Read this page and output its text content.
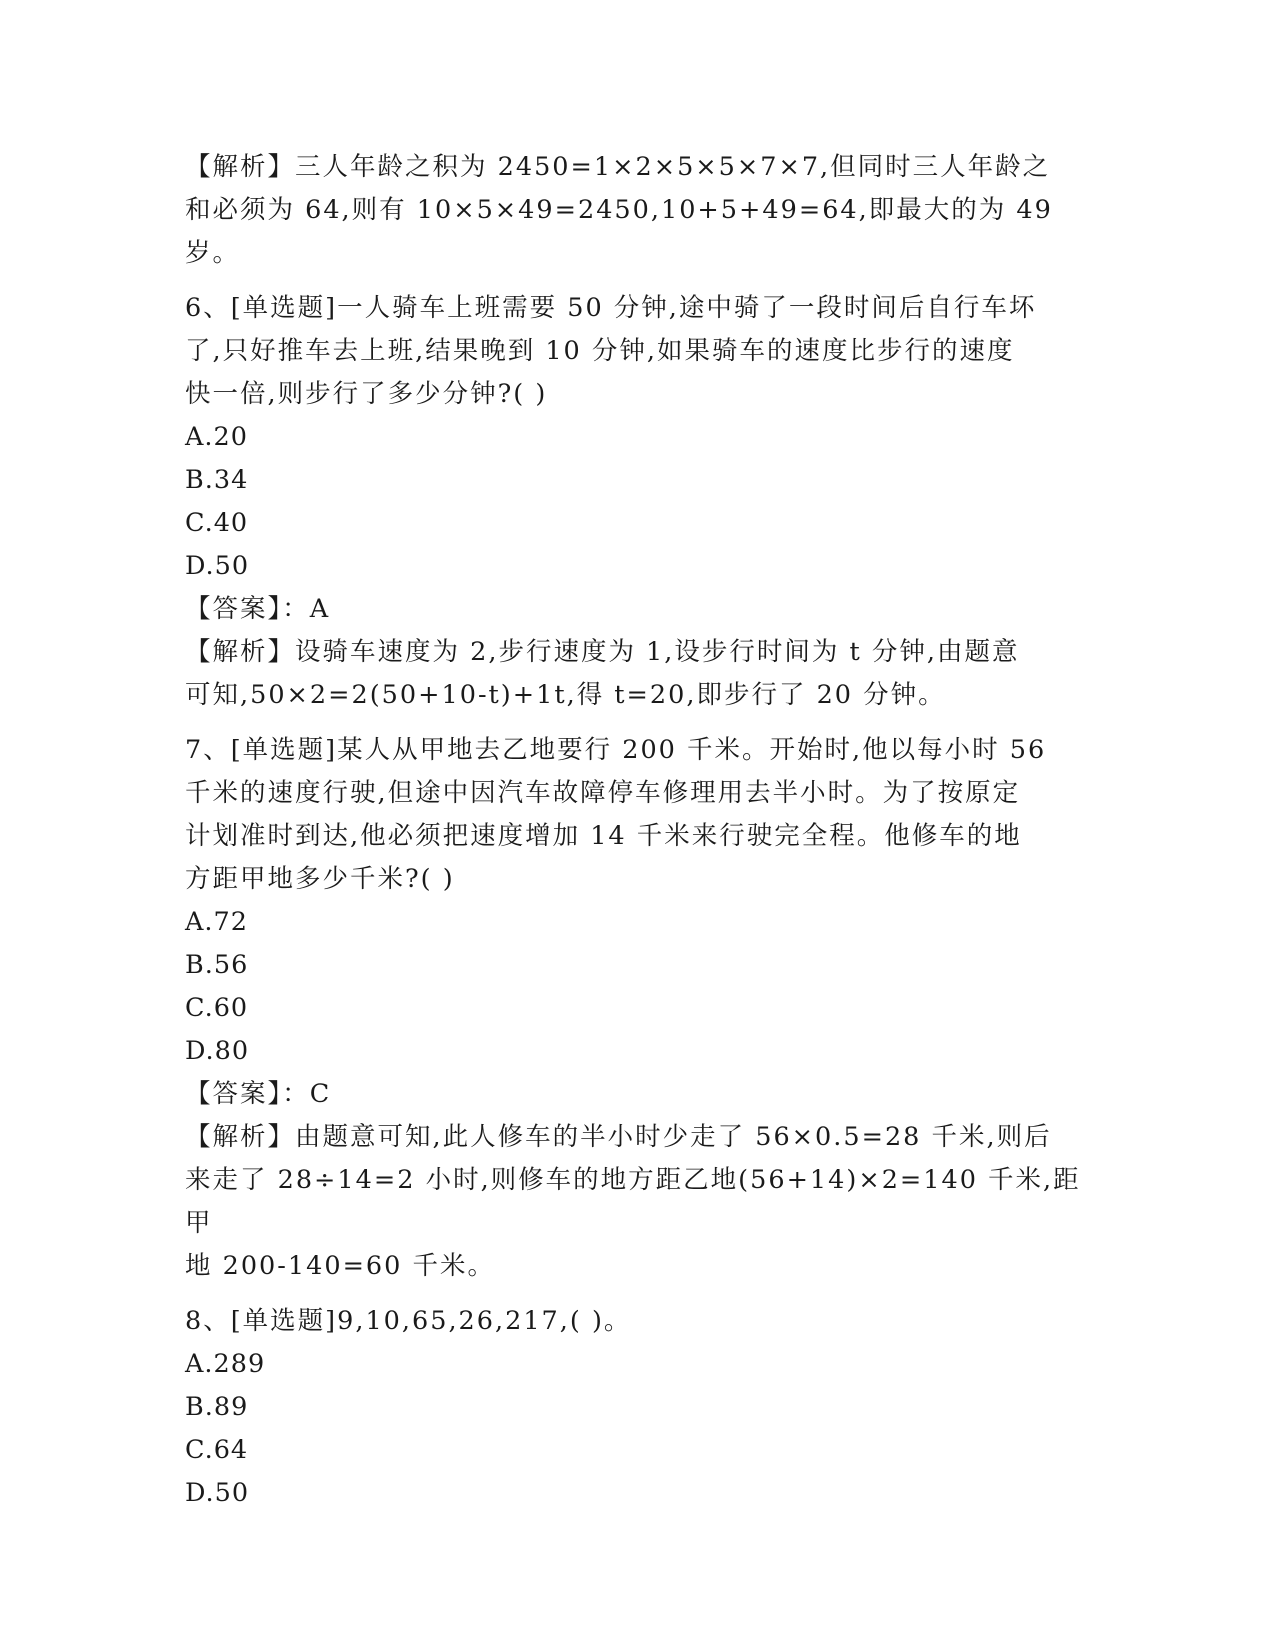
【解析】三人年龄之积为 2450=1×2×5×5×7×7,但同时三人年龄之

和必须为 64,则有 10×5×49=2450,10+5+49=64,即最大的为 49 岁。

6、[单选题]一人骑车上班需要 50 分钟,途中骑了一段时间后自行车坏

了,只好推车去上班,结果晚到 10 分钟,如果骑车的速度比步行的速度

快一倍,则步行了多少分钟?( )

A.20

B.34

C.40

D.50

【答案】：A

【解析】设骑车速度为 2,步行速度为 1,设步行时间为 t 分钟,由题意

可知,50×2=2(50+10-t)+1t,得 t=20,即步行了 20 分钟。

7、[单选题]某人从甲地去乙地要行 200 千米。开始时,他以每小时 56

千米的速度行驶,但途中因汽车故障停车修理用去半小时。为了按原定

计划准时到达,他必须把速度增加 14 千米来行驶完全程。他修车的地

方距甲地多少千米?( )

A.72

B.56

C.60

D.80

【答案】：C

【解析】由题意可知,此人修车的半小时少走了 56×0.5=28 千米,则后

来走了 28÷14=2 小时,则修车的地方距乙地(56+14)×2=140 千米,距甲

地 200-140=60 千米。

8、[单选题]9,10,65,26,217,( )。

A.289

B.89

C.64

D.50
